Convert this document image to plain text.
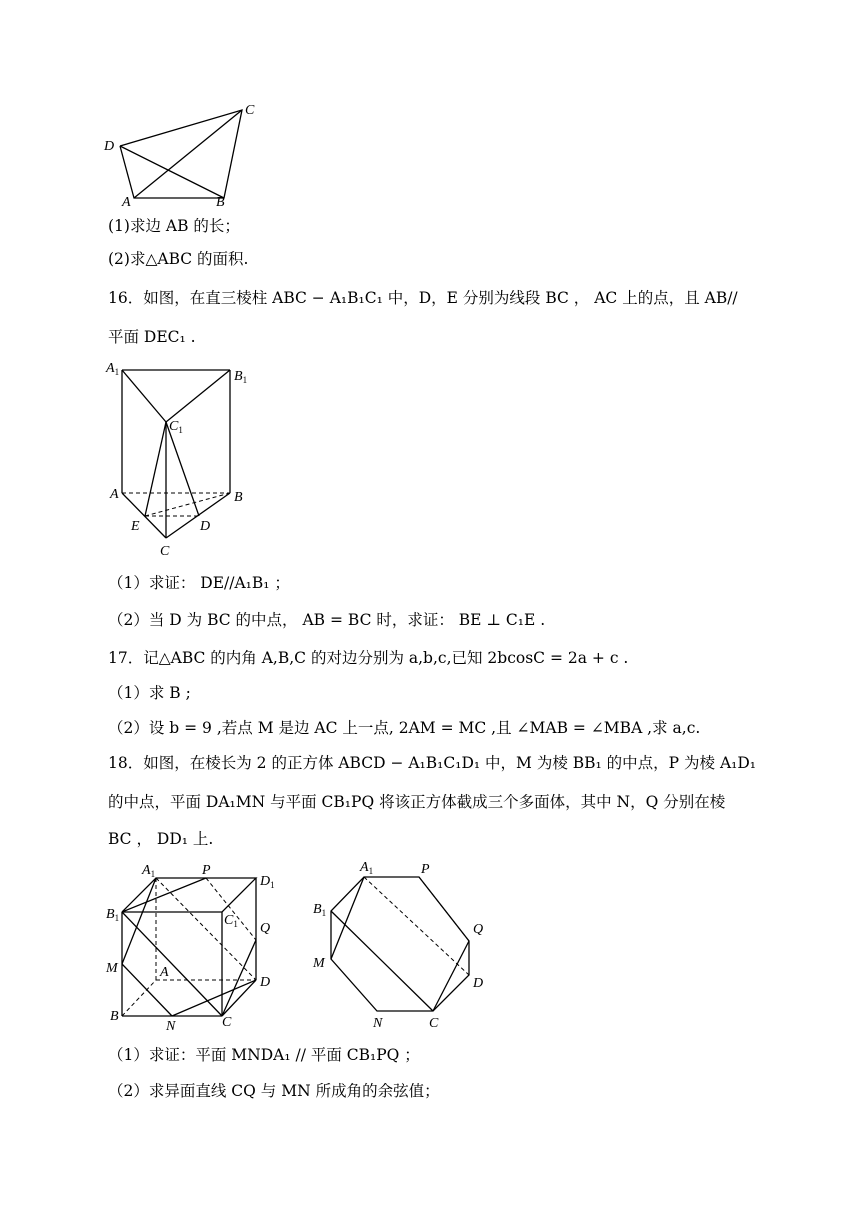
C
D
A	B
(1)求边 AB 的长；
(2)求△ABC 的面积.
16．如图，在直三棱柱 ABC − A₁B₁C₁ 中，D，E 分别为线段 BC ， AC 上的点，且 AB//
平面 DEC₁ .
$A_1$	$B_1$
$C_1$
A	B
E	D
C
（1）求证： DE//A₁B₁ ；
（2）当 D 为 BC 的中点， AB = BC 时，求证： BE ⊥ C₁E .
17．记△ABC 的内角 A,B,C 的对边分别为 a,b,c,已知 2bcosC = 2a + c .
（1）求 B ;
（2）设 b = 9 ,若点 M 是边 AC 上一点, 2AM = MC ,且 ∠MAB = ∠MBA ,求 a,c.
18．如图，在棱长为 2 的正方体 ABCD − A₁B₁C₁D₁ 中，M 为棱 BB₁ 的中点，P 为棱 A₁D₁
的中点，平面 DA₁MN 与平面 CB₁PQ 将该正方体截成三个多面体，其中 N，Q 分别在棱
BC ， DD₁ 上.
$A_1$	P
$D_1$
$B_1$	$C_1$ Q
M	A
D
B
N	C
$A_1$	P
$B_1$
Q
M
D
N	C
（1）求证：平面 MNDA₁ // 平面 CB₁PQ ；
（2）求异面直线 CQ 与 MN 所成角的余弦值；
